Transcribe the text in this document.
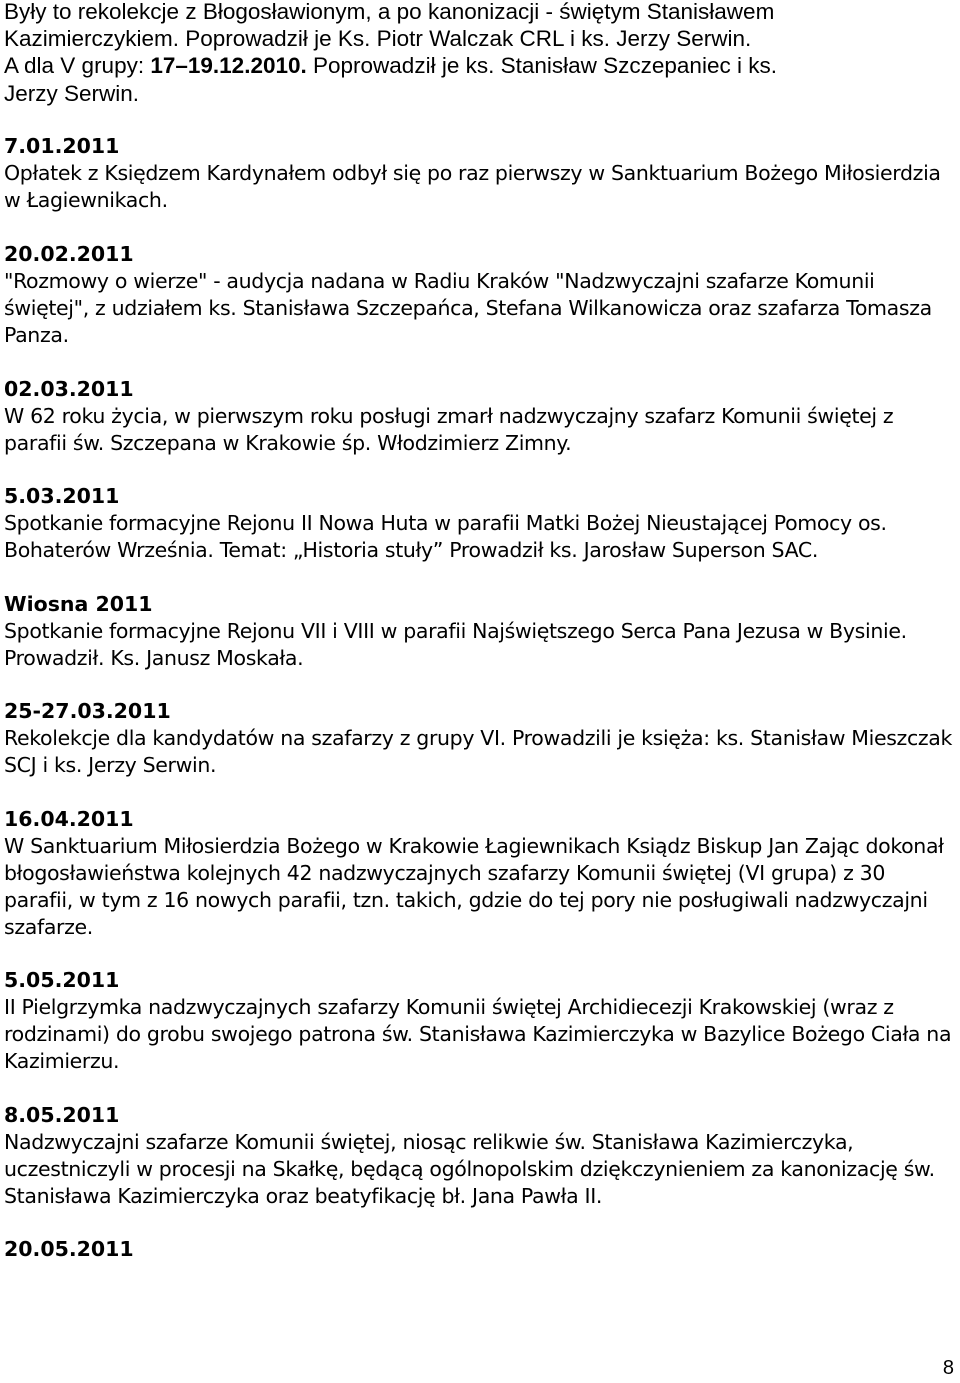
Były to rekolekcje z Błogosławionym, a po kanonizacji - świętym Stanisławem
Kazimierczykiem. Poprowadził je Ks. Piotr Walczak CRL i ks. Jerzy Serwin.
A dla V grupy: 17–19.12.2010. Poprowadził je ks. Stanisław Szczepaniec i ks.
Jerzy Serwin.
7.01.2011
Opłatek z Księdzem Kardynałem odbył się po raz pierwszy w Sanktuarium Bożego Miłosierdzia w Łagiewnikach.
20.02.2011
"Rozmowy o wierze" - audycja nadana w Radiu Kraków "Nadzwyczajni szafarze Komunii świętej", z udziałem ks. Stanisława Szczepańca, Stefana Wilkanowicza oraz szafarza Tomasza Panza.
02.03.2011
W 62 roku życia, w pierwszym roku posługi zmarł nadzwyczajny szafarz Komunii świętej z parafii św. Szczepana w Krakowie śp. Włodzimierz Zimny.
5.03.2011
Spotkanie formacyjne Rejonu II Nowa Huta w parafii Matki Bożej Nieustającej Pomocy os. Bohaterów Września. Temat: „Historia stuły” Prowadził ks. Jarosław Superson SAC.
Wiosna 2011
Spotkanie formacyjne Rejonu VII i VIII w parafii Najświętszego Serca Pana Jezusa w Bysinie. Prowadził. Ks. Janusz Moskała.
25-27.03.2011
Rekolekcje dla kandydatów na szafarzy z grupy VI. Prowadzili je księża: ks. Stanisław Mieszczak SCJ i ks. Jerzy Serwin.
16.04.2011
W Sanktuarium Miłosierdzia Bożego w Krakowie Łagiewnikach Ksiądz Biskup Jan Zając dokonał błogosławieństwa kolejnych 42 nadzwyczajnych szafarzy Komunii świętej (VI grupa) z 30 parafii, w tym z 16 nowych parafii, tzn. takich, gdzie do tej pory nie posługiwali nadzwyczajni szafarze.
5.05.2011
II Pielgrzymka nadzwyczajnych szafarzy Komunii świętej Archidiecezji Krakowskiej (wraz z rodzinami) do grobu swojego patrona św. Stanisława Kazimierczyka w Bazylice Bożego Ciała na Kazimierzu.
8.05.2011
Nadzwyczajni szafarze Komunii świętej, niosąc relikwie św. Stanisława Kazimierczyka, uczestniczyli w procesji na Skałkę, będącą ogólnopolskim dziękczynieniem za kanonizację św. Stanisława Kazimierczyka oraz beatyfikację bł. Jana Pawła II.
20.05.2011
8
